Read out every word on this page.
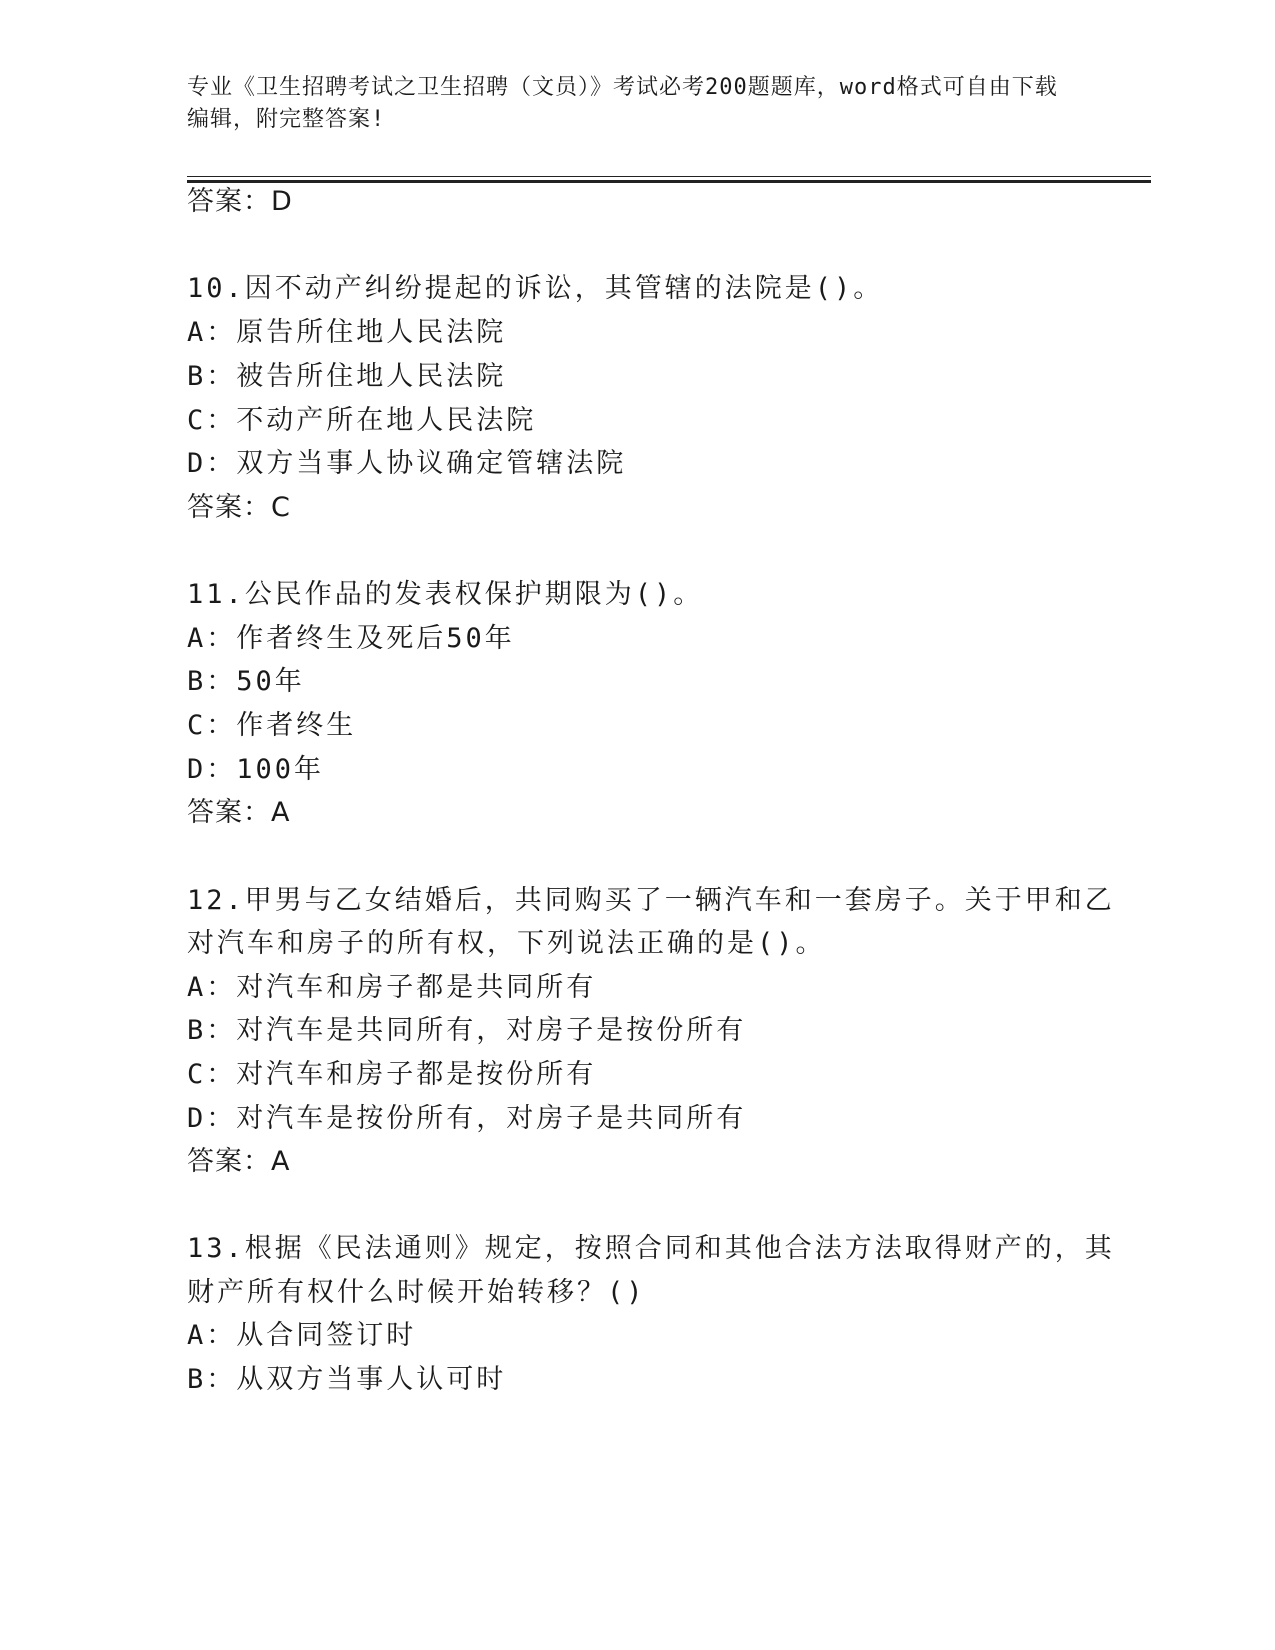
专业《卫生招聘考试之卫生招聘（文员）》考试必考200题题库，word格式可自由下载编辑，附完整答案!
答案：D
10.因不动产纠纷提起的诉讼，其管辖的法院是()。
A：原告所住地人民法院
B：被告所住地人民法院
C：不动产所在地人民法院
D：双方当事人协议确定管辖法院
答案：C
11.公民作品的发表权保护期限为()。
A：作者终生及死后50年
B：50年
C：作者终生
D：100年
答案：A
12.甲男与乙女结婚后，共同购买了一辆汽车和一套房子。关于甲和乙
对汽车和房子的所有权，下列说法正确的是()。
A：对汽车和房子都是共同所有
B：对汽车是共同所有，对房子是按份所有
C：对汽车和房子都是按份所有
D：对汽车是按份所有，对房子是共同所有
答案：A
13.根据《民法通则》规定，按照合同和其他合法方法取得财产的，其
财产所有权什么时候开始转移？()
A：从合同签订时
B：从双方当事人认可时
